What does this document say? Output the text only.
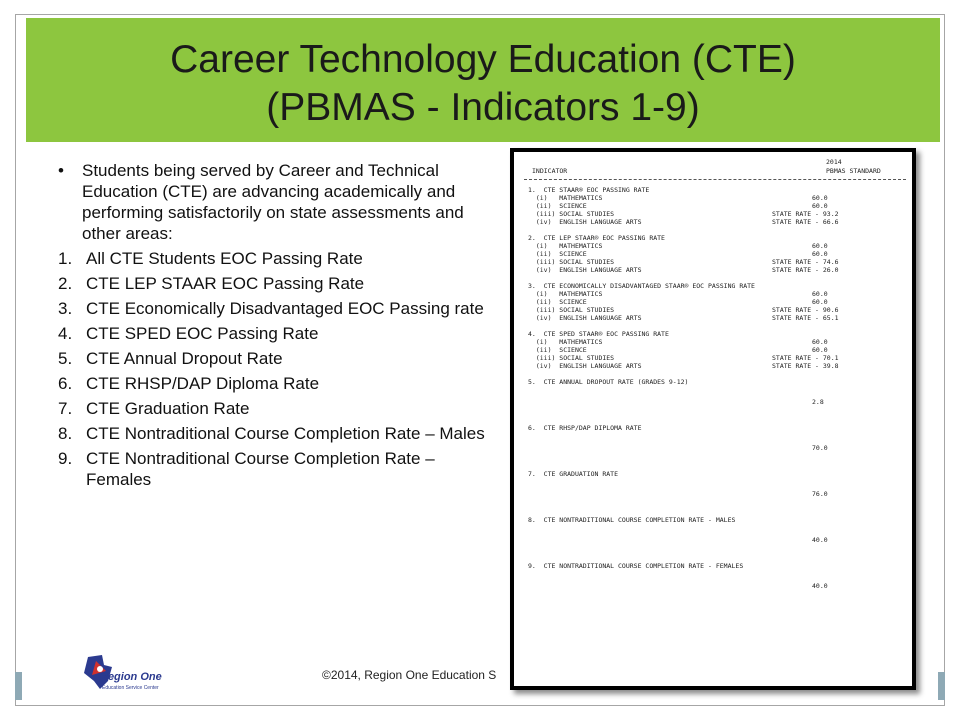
Career Technology Education (CTE)
(PBMAS - Indicators 1-9)
•	Students being served by Career and Technical Education (CTE) are advancing academically and performing satisfactorily on state assessments and other areas:
1. All CTE Students EOC Passing Rate
2. CTE LEP STAAR EOC Passing Rate
3. CTE Economically Disadvantaged EOC Passing rate
4. CTE SPED EOC Passing Rate
5. CTE Annual Dropout Rate
6. CTE RHSP/DAP Diploma Rate
7. CTE Graduation Rate
8. CTE Nontraditional Course Completion Rate – Males
9. CTE Nontraditional Course Completion Rate – Females
2014
INDICATOR	PBMAS STANDARD
1.  CTE STAAR® EOC PASSING RATE
(i)   MATHEMATICS	60.0
(ii)  SCIENCE	60.0
(iii) SOCIAL STUDIES	STATE RATE - 93.2
(iv)  ENGLISH LANGUAGE ARTS	STATE RATE - 66.6
2.  CTE LEP STAAR® EOC PASSING RATE
(i)   MATHEMATICS	60.0
(ii)  SCIENCE	60.0
(iii) SOCIAL STUDIES	STATE RATE - 74.6
(iv)  ENGLISH LANGUAGE ARTS	STATE RATE - 26.0
3.  CTE ECONOMICALLY DISADVANTAGED STAAR® EOC PASSING RATE
(i)   MATHEMATICS	60.0
(ii)  SCIENCE	60.0
(iii) SOCIAL STUDIES	STATE RATE - 90.6
(iv)  ENGLISH LANGUAGE ARTS	STATE RATE - 65.1
4.  CTE SPED STAAR® EOC PASSING RATE
(i)   MATHEMATICS	60.0
(ii)  SCIENCE	60.0
(iii) SOCIAL STUDIES	STATE RATE - 70.1
(iv)  ENGLISH LANGUAGE ARTS	STATE RATE - 39.8
5.  CTE ANNUAL DROPOUT RATE (GRADES 9-12)
2.8
6.  CTE RHSP/DAP DIPLOMA RATE
70.0
7.  CTE GRADUATION RATE
76.0
8.  CTE NONTRADITIONAL COURSE COMPLETION RATE - MALES
40.0
9.  CTE NONTRADITIONAL COURSE COMPLETION RATE - FEMALES
40.0
Region One
Education Service Center
©2014, Region One Education S
